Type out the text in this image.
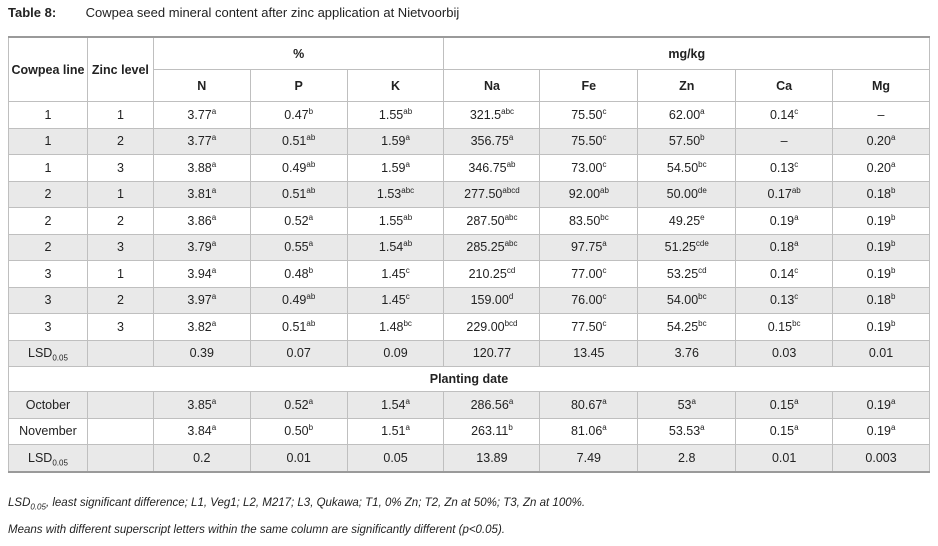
Table 8: Cowpea seed mineral content after zinc application at Nietvoorbij
Cowpea line	Zinc level	%			mg/kg				
		N	P	K	Na	Fe	Zn	Ca	Mg
1	1	3.77$^a$	0.47$^b$	1.55$^{ab}$	321.5$^{abc}$	75.50$^c$	62.00$^a$	0.14$^c$	–
1	2	3.77$^a$	0.51$^{ab}$	1.59$^a$	356.75$^a$	75.50$^c$	57.50$^b$	–	0.20$^a$
1	3	3.88$^a$	0.49$^{ab}$	1.59$^a$	346.75$^{ab}$	73.00$^c$	54.50$^{bc}$	0.13$^c$	0.20$^a$
2	1	3.81$^a$	0.51$^{ab}$	1.53$^{abc}$	$277.50^{abcd}$	92.00$^{ab}$	50.00de	0.17$^{ab}$	0.18$^b$
2	2	3.86$^a$	0.52$^a$	1.55$^{ab}$	287.50$^{abc}$	83.50$^{bc}$	49.25e	0.19$^a$	0.19$^b$
2	3	3.79$^a$	0.55$^a$	1.54$^{ab}$	285.25$^{abc}$	97.75$^a$	51.25$^{cde}$	0.18$^a$	0.19$^b$
3	1	3.94$^a$	0.48$^b$	1.45$^c$	210.25$^{cd}$	77.00$^c$	53.25$^{cd}$	0.14$^c$	0.19$^b$
3	2	3.97$^a$	0.49$^{ab}$	1.45$^c$	159.00$^d$	76.00$^c$	54.00$^{bc}$	0.13$^c$	0.18$^b$
3	3	3.82$^a$	0.51$^{ab}$	1.48$^{bc}$	229.00$^{bcd}$	77.50$^c$	54.25$^{bc}$	0.15$^{bc}$	0.19$^b$
$LSD_{0.05}$		0.39	0.07	0.09	120.77	13.45	3.76	0.03	0.01
Planting date									
October		3.85$^a$	0.52$^a$	1.54$^a$	286.56$^a$	80.67$^a$	53$^a$	0.15$^a$	0.19$^a$
November		3.84$^a$	0.50$^b$	1.51$^a$	263.11$^b$	81.06$^a$	53.53$^a$	0.15$^a$	0.19$^a$
$LSD_{0.05}$		0.2	0.01	0.05	13.89	7.49	2.8	0.01	0.003
$LSD_{0.05}$, least significant difference; L1, Veg1; L2, M217; L3, Qukawa; T1, 0% Zn; T2, Zn at 50%; T3, Zn at 100%.
Means with different superscript letters within the same column are significantly different (p<0.05).
